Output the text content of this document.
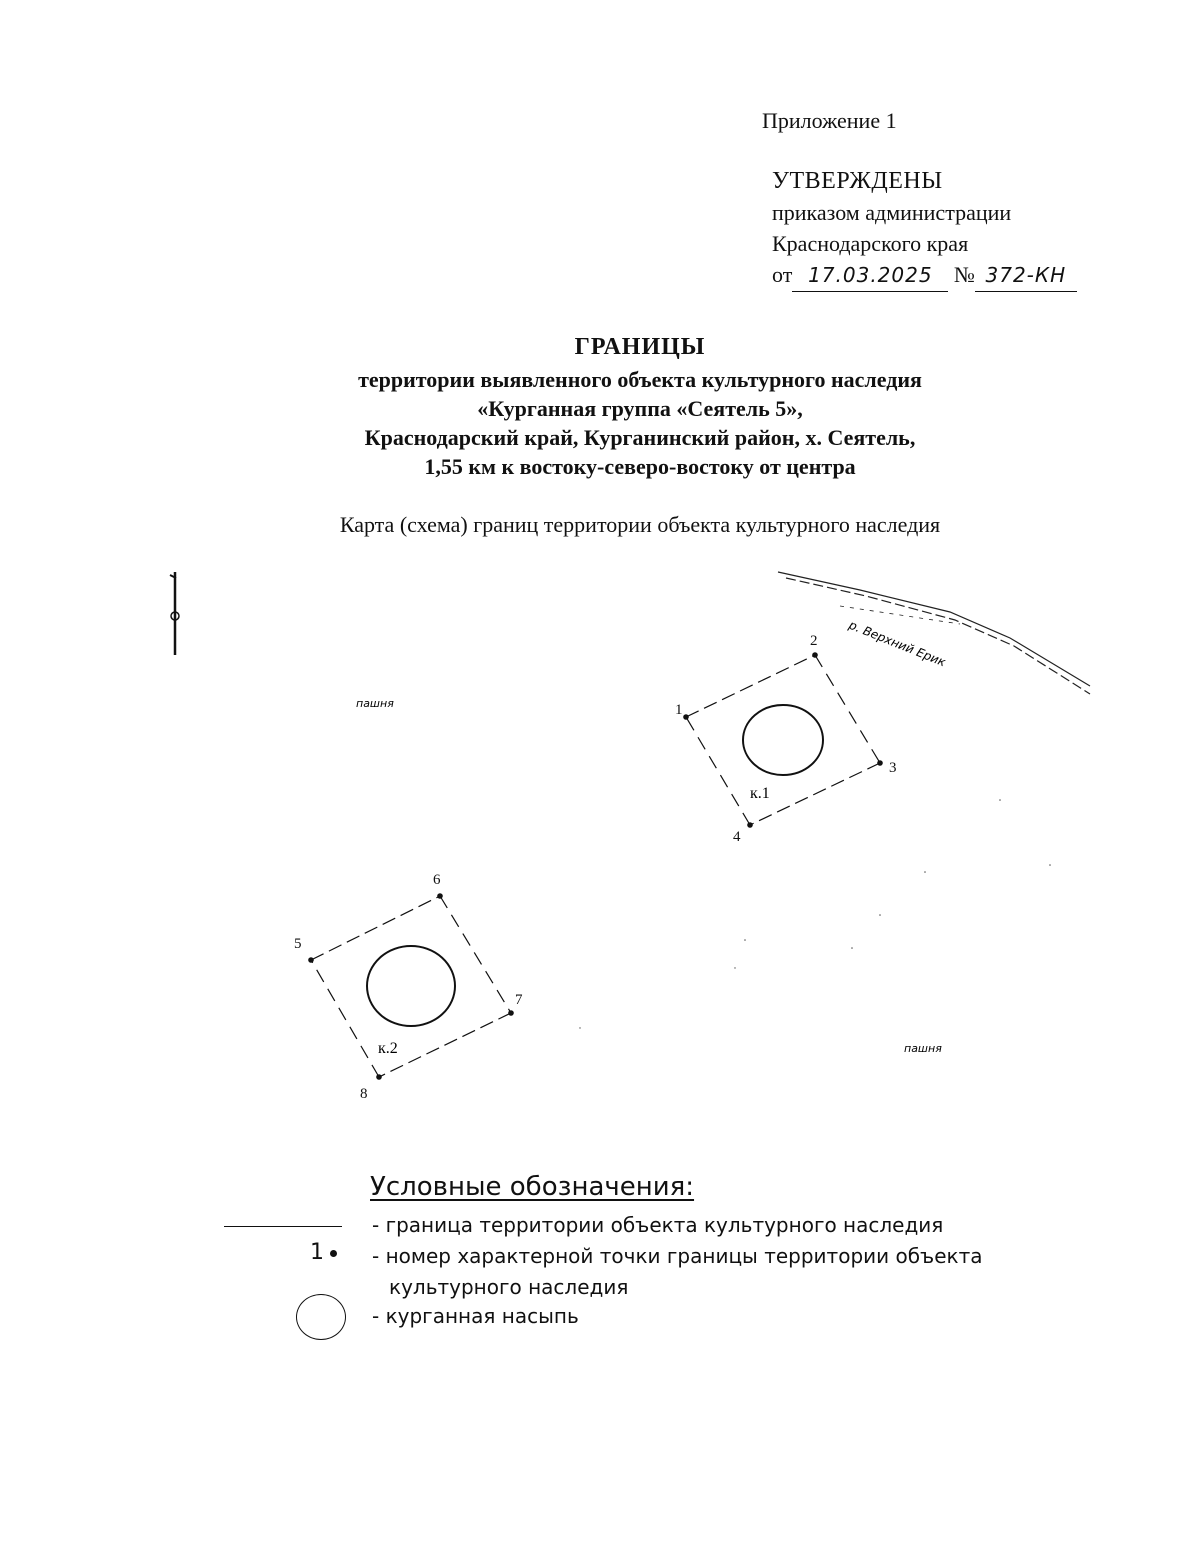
Приложение 1
УТВЕРЖДЕНЫ
приказом администрации
Краснодарского края
от 17.03.2025 № 372-КН
ГРАНИЦЫ
территории выявленного объекта культурного наследия
«Курганная группа «Сеятель 5»,
Краснодарский край, Курганинский район, х. Сеятель,
1,55 км к востоку-северо-востоку от центра
Карта (схема) границ территории объекта культурного наследия
р. Верхний Ерик
пашня
пашня
к.1
к.2
1
2
3
4
5
6
7
8
Условные обозначения:
- граница территории объекта культурного наследия
1	- номер характерной точки границы территории объекта
культурного наследия
- курганная насыпь
